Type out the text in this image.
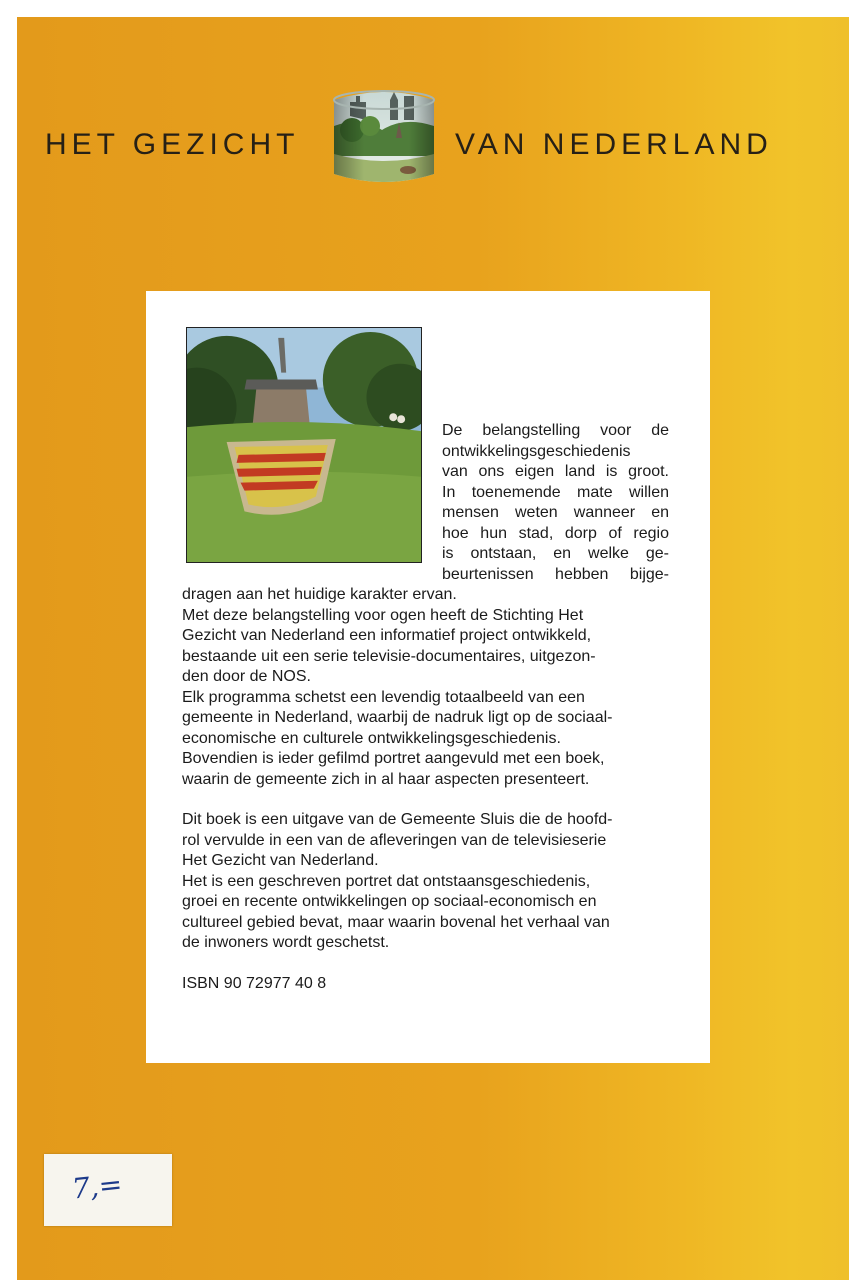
HET GEZICHT	VAN NEDERLAND
De belangstelling voor de
ontwikkelingsgeschiedenis
van ons eigen land is groot.
In toenemende mate willen
mensen weten wanneer en
hoe hun stad, dorp of regio
is ontstaan, en welke ge-
beurtenissen hebben bijge-
dragen aan het huidige karakter ervan.
Met deze belangstelling voor ogen heeft de Stichting Het
Gezicht van Nederland een informatief project ontwikkeld,
bestaande uit een serie televisie-documentaires, uitgezon-
den door de NOS.
Elk programma schetst een levendig totaalbeeld van een
gemeente in Nederland, waarbij de nadruk ligt op de sociaal-
economische en culturele ontwikkelingsgeschiedenis.
Bovendien is ieder gefilmd portret aangevuld met een boek,
waarin de gemeente zich in al haar aspecten presenteert.
Dit boek is een uitgave van de Gemeente Sluis die de hoofd-
rol vervulde in een van de afleveringen van de televisieserie
Het Gezicht van Nederland.
Het is een geschreven portret dat ontstaansgeschiedenis,
groei en recente ontwikkelingen op sociaal-economisch en
cultureel gebied bevat, maar waarin bovenal het verhaal van
de inwoners wordt geschetst.
ISBN 90 72977 40 8
7,=
